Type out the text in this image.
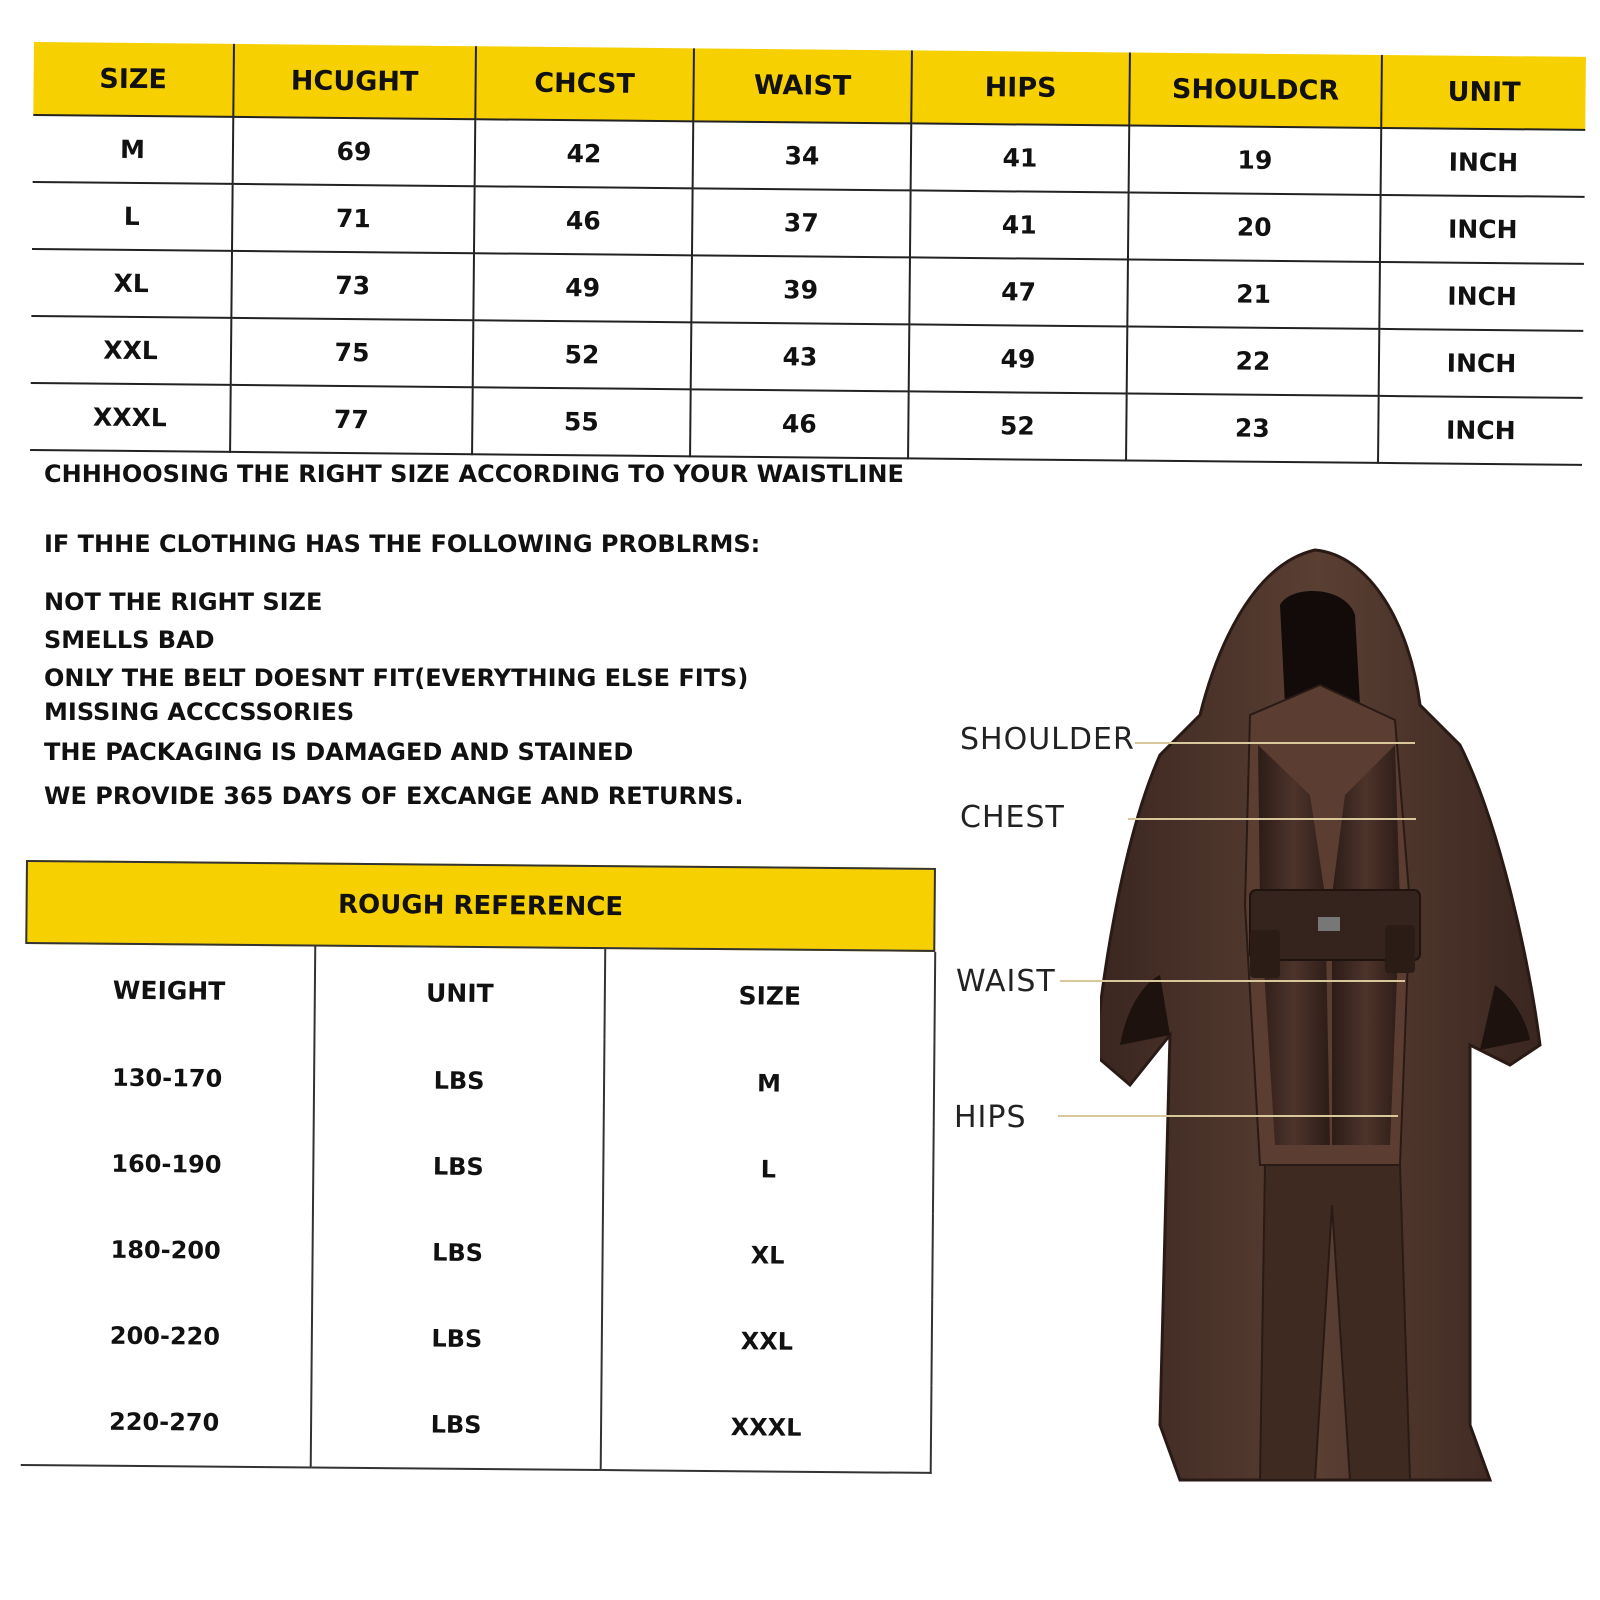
SIZE	HCUGHT	CHCST	WAIST	HIPS	SHOULDCR	UNIT
M	69	42	34	41	19	INCH
L	71	46	37	41	20	INCH
XL	73	49	39	47	21	INCH
XXL	75	52	43	49	22	INCH
XXXL	77	55	46	52	23	INCH
CHHHOOSING THE RIGHT SIZE ACCORDING TO YOUR WAISTLINE
IF THHE CLOTHING HAS THE FOLLOWING PROBLRMS:
NOT THE RIGHT SIZE
SMELLS BAD
ONLY THE BELT DOESNT FIT(EVERYTHING ELSE FITS)
MISSING ACCCSSORIES
THE PACKAGING IS DAMAGED AND STAINED
WE PROVIDE 365 DAYS OF EXCANGE AND RETURNS.
ROUGH REFERENCE
WEIGHT	UNIT	SIZE
130-170	LBS	M
160-190	LBS	L
180-200	LBS	XL
200-220	LBS	XXL
220-270	LBS	XXXL
SHOULDER
CHEST
WAIST
HIPS
